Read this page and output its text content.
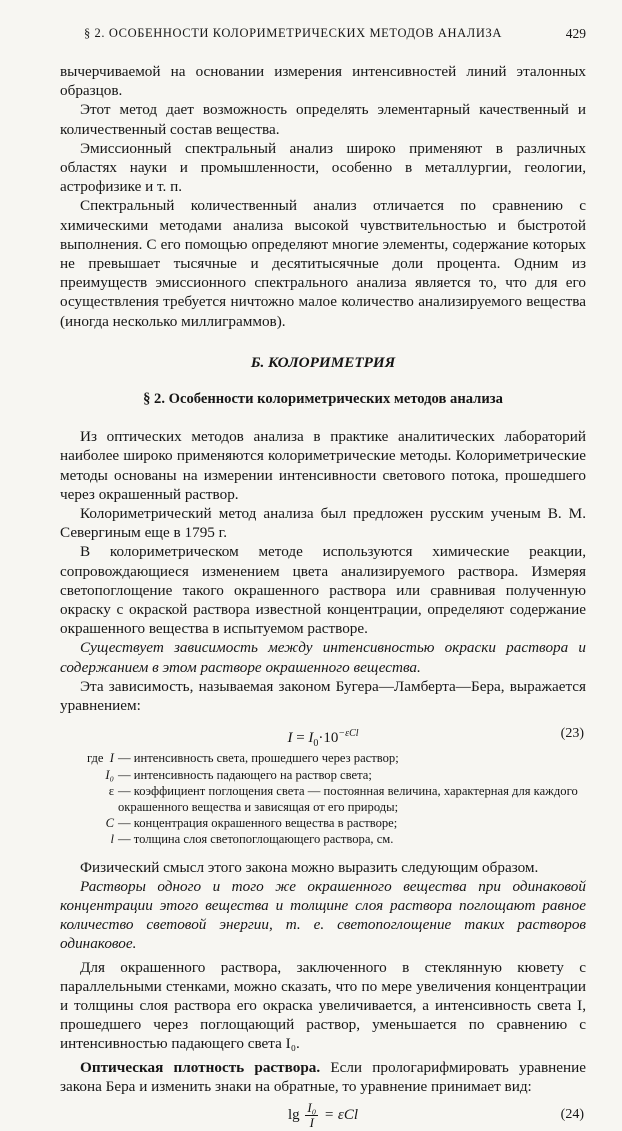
§ 2. ОСОБЕННОСТИ КОЛОРИМЕТРИЧЕСКИХ МЕТОДОВ АНАЛИЗА	429

вычерчиваемой на основании измерения интенсивностей линий эталонных образцов.

Этот метод дает возможность определять элементарный качественный и количественный состав вещества.

Эмиссионный спектральный анализ широко применяют в различных областях науки и промышленности, особенно в металлургии, геологии, астрофизике и т. п.

Спектральный количественный анализ отличается по сравнению с химическими методами анализа высокой чувствительностью и быстротой выполнения. С его помощью определяют многие элементы, содержание которых не превышает тысячные и десятитысячные доли процента. Одним из преимуществ эмиссионного спектрального анализа является то, что для его осуществления требуется ничтожно малое количество анализируемого вещества (иногда несколько миллиграммов).

Б. КОЛОРИМЕТРИЯ
§ 2. Особенности колориметрических методов анализа

Из оптических методов анализа в практике аналитических лабораторий наиболее широко применяются колориметрические методы. Колориметрические методы основаны на измерении интенсивности светового потока, прошедшего через окрашенный раствор.

Колориметрический метод анализа был предложен русским ученым В. М. Севергиным еще в 1795 г.

В колориметрическом методе используются химические реакции, сопровождающиеся изменением цвета анализируемого раствора. Измеряя светопоглощение такого окрашенного раствора или сравнивая полученную окраску с окраской раствора известной концентрации, определяют содержание окрашенного вещества в испытуемом растворе.

Существует зависимость между интенсивностью окраски раствора и содержанием в этом растворе окрашенного вещества.

Эта зависимость, называемая законом Бугера—Ламберта—Бера, выражается уравнением:

$I = I_0\cdot 10^{-\varepsilon Cl}$	(23)
где I — интенсивность света, прошедшего через раствор;
I₀ — интенсивность падающего на раствор света;
ε — коэффициент поглощения света — постоянная величина, характерная для каждого окрашенного вещества и зависящая от его природы;
C — концентрация окрашенного вещества в растворе;
l — толщина слоя светопоглощающего раствора, см.

Физический смысл этого закона можно выразить следующим образом.

Растворы одного и того же окрашенного вещества при одинаковой концентрации этого вещества и толщине слоя раствора поглощают равное количество световой энергии, т. е. светопоглощение таких растворов одинаковое.

Для окрашенного раствора, заключенного в стеклянную кювету с параллельными стенками, можно сказать, что по мере увеличения концентрации и толщины слоя раствора его окраска увеличивается, а интенсивность света I, прошедшего через поглощающий раствор, уменьшается по сравнению с интенсивностью падающего света I₀.

Оптическая плотность раствора. Если прологарифмировать уравнение закона Бера и изменить знаки на обратные, то уравнение принимает вид:

$\lg \frac{\text{I₀}}{I} = \varepsilon Cl$	(24)
